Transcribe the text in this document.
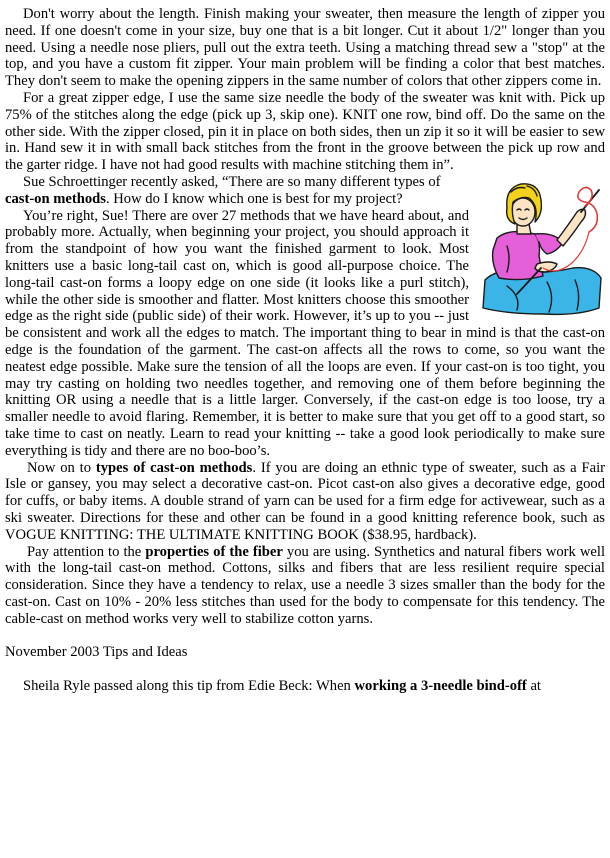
Don't worry about the length. Finish making your sweater, then measure the length of zipper you need. If one doesn't come in your size, buy one that is a bit longer. Cut it about 1/2" longer than you need. Using a needle nose pliers, pull out the extra teeth. Using a matching thread sew a "stop" at the top, and you have a custom fit zipper. Your main problem will be finding a color that best matches. They don't seem to make the opening zippers in the same number of colors that other zippers come in.

For a great zipper edge, I use the same size needle the body of the sweater was knit with. Pick up 75% of the stitches along the edge (pick up 3, skip one). KNIT one row, bind off. Do the same on the other side. With the zipper closed, pin it in place on both sides, then un zip it so it will be easier to sew in. Hand sew it in with small back stitches from the front in the groove between the pick up row and the garter ridge. I have not had good results with machine stitching them in”.

Sue Schroettinger recently asked, “There are so many different types of cast-on methods. How do I know which one is best for my project?

You’re right, Sue! There are over 27 methods that we have heard about, and probably more. Actually, when beginning your project, you should approach it from the standpoint of how you want the finished garment to look. Most knitters use a basic long-tail cast on, which is good all-purpose choice. The long-tail cast-on forms a loopy edge on one side (it looks like a purl stitch), while the other side is smoother and flatter. Most knitters choose this smoother edge as the right side (public side) of their work. However, it’s up to you -- just be consistent and work all the edges to match. The important thing to bear in mind is that the cast-on edge is the foundation of the garment. The cast-on affects all the rows to come, so you want the neatest edge possible. Make sure the tension of all the loops are even. If your cast-on is too tight, you may try casting on holding two needles together, and removing one of them before beginning the knitting OR using a needle that is a little larger. Conversely, if the cast-on edge is too loose, try a smaller needle to avoid flaring. Remember, it is better to make sure that you get off to a good start, so take time to cast on neatly. Learn to read your knitting -- take a good look periodically to make sure everything is tidy and there are no boo-boo’s.

Now on to types of cast-on methods. If you are doing an ethnic type of sweater, such as a Fair Isle or gansey, you may select a decorative cast-on. Picot cast-on also gives a decorative edge, good for cuffs, or baby items. A double strand of yarn can be used for a firm edge for activewear, such as a ski sweater. Directions for these and other can be found in a good knitting reference book, such as VOGUE KNITTING: THE ULTIMATE KNITTING BOOK ($38.95, hardback).

Pay attention to the properties of the fiber you are using. Synthetics and natural fibers work well with the long-tail cast-on method. Cottons, silks and fibers that are less resilient require special consideration. Since they have a tendency to relax, use a needle 3 sizes smaller than the body for the cast-on. Cast on 10% - 20% less stitches than used for the body to compensate for this tendency. The cable-cast on method works very well to stabilize cotton yarns.

November 2003 Tips and Ideas

Sheila Ryle passed along this tip from Edie Beck: When working a 3-needle bind-off at
